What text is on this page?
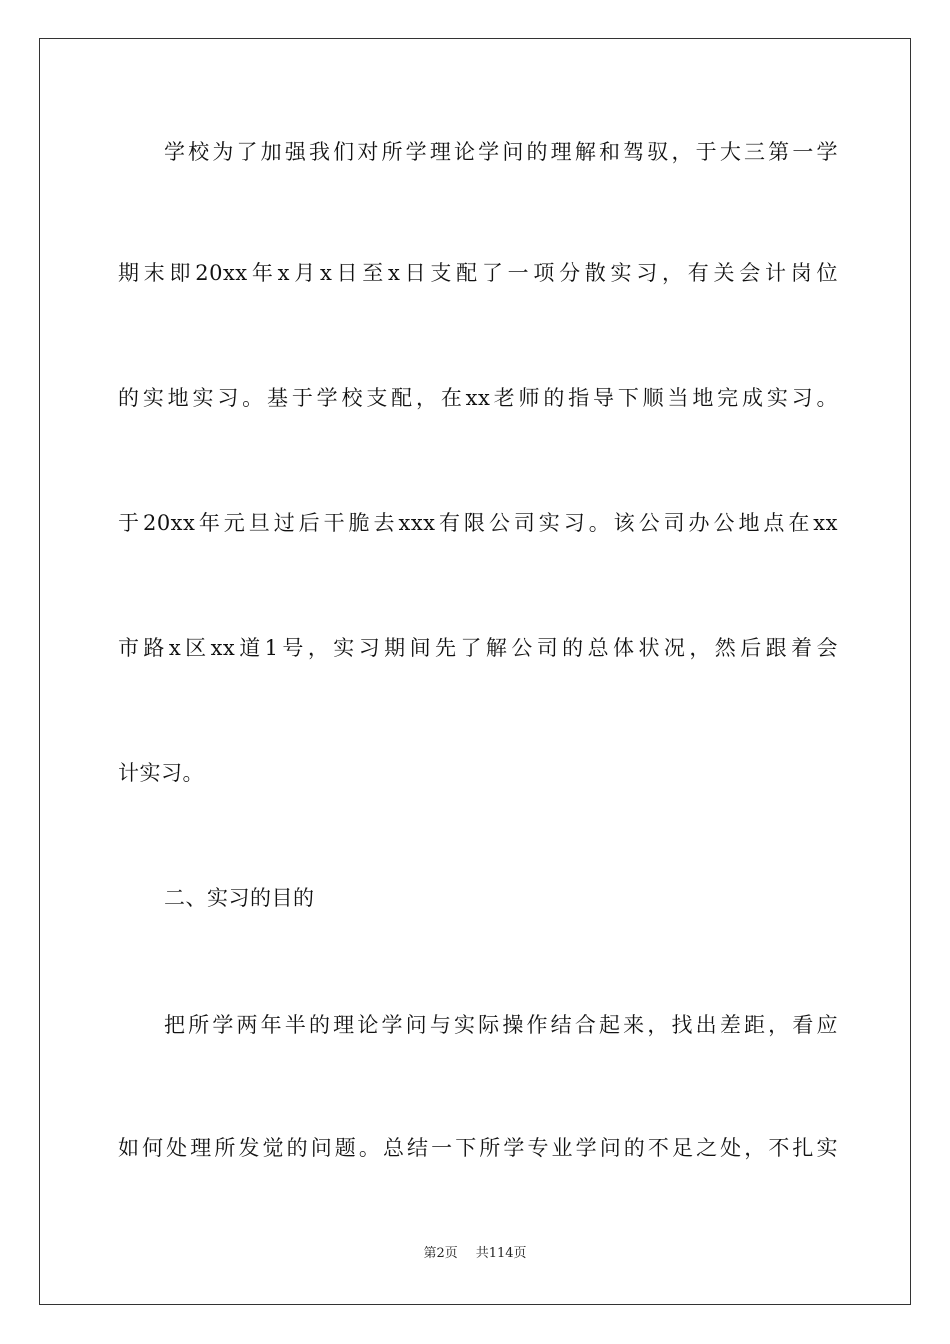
学校为了加强我们对所学理论学问的理解和驾驭，于大三第一学
期末即20xx年x月x日至x日支配了一项分散实习，有关会计岗位
的实地实习。基于学校支配，在xx老师的指导下顺当地完成实习。
于20xx年元旦过后干脆去xxx有限公司实习。该公司办公地点在xx
市路x区xx道1号，实习期间先了解公司的总体状况，然后跟着会
计实习。
二、实习的目的
把所学两年半的理论学问与实际操作结合起来，找出差距，看应
如何处理所发觉的问题。总结一下所学专业学问的不足之处，不扎实
第2页 共114页
